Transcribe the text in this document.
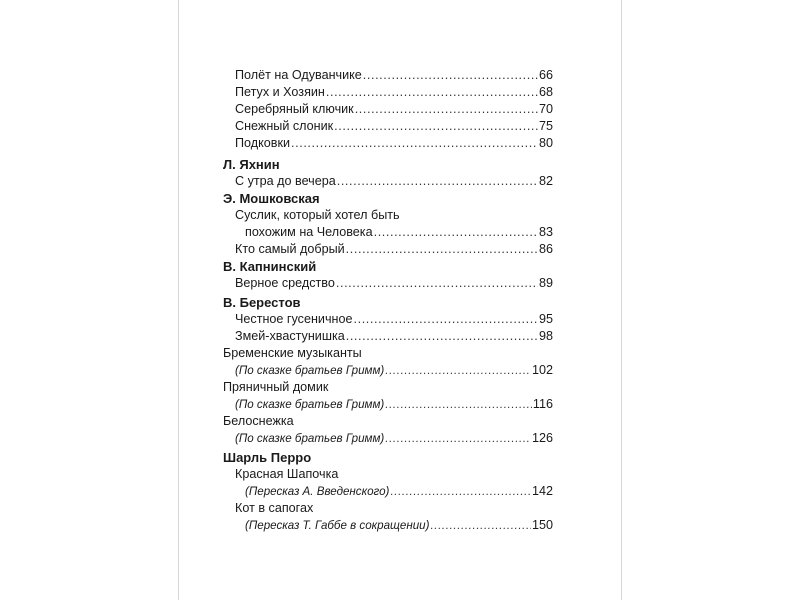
Полёт на Одуванчике .....	66
Петух и Хозяин .....	68
Серебряный ключик .....	70
Снежный слоник .....	75
Подковки .....	80
Л. Яхнин
С утра до вечера .....	82
Э. Мошковская
Суслик, который хотел быть
похожим на Человека .....	83
Кто самый добрый .....	86
В. Капнинский
Верное средство .....	89
В. Берестов
Честное гусеничное .....	95
Змей-хвастунишка .....	98
Бременские музыканты
(По сказке братьев Гримм) .....	102
Пряничный домик
(По сказке братьев Гримм) .....	116
Белоснежка
(По сказке братьев Гримм) .....	126
Шарль Перро
Красная Шапочка
(Пересказ А. Введенского) .....	142
Кот в сапогах
(Пересказ Т. Габбе в сокращении) .....	150
